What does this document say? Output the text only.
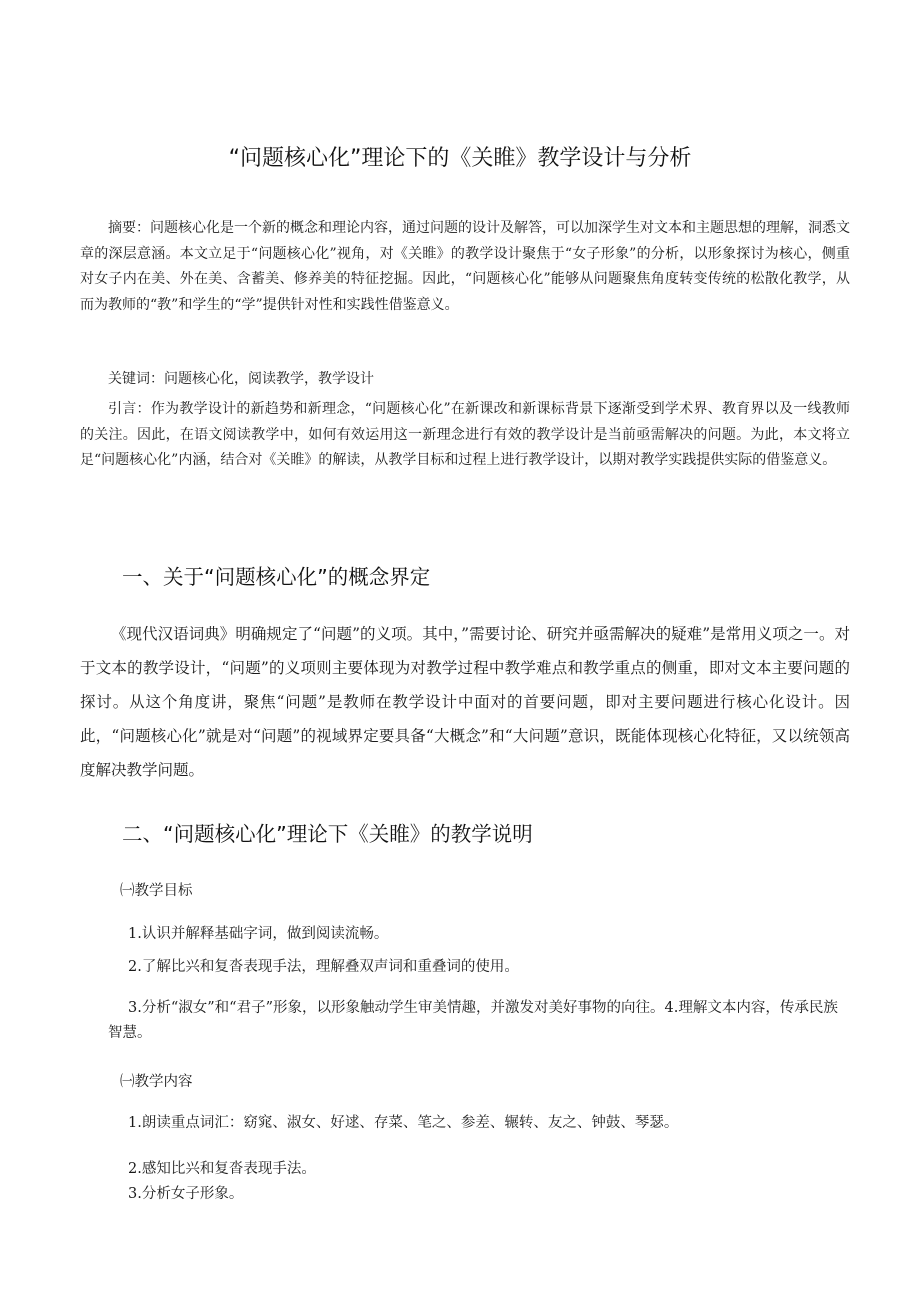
“问题核心化”理论下的《关睢》教学设计与分析
摘要：问题核心化是一个新的概念和理论内容，通过问题的设计及解答，可以加深学生对文本和主题思想的理解，洞悉文章的深层意涵。本文立足于“问题核心化”视角，对《关睢》的教学设计聚焦于“女子形象”的分析，以形象探讨为核心，侧重对女子内在美、外在美、含蓄美、修养美的特征挖掘。因此，“问题核心化”能够从问题聚焦角度转变传统的松散化教学，从而为教师的“教”和学生的“学”提供针对性和实践性借鉴意义。
关键词：问题核心化，阅读教学，教学设计
引言：作为教学设计的新趋势和新理念，“问题核心化”在新课改和新课标背景下逐渐受到学术界、教育界以及一线教师的关注。因此，在语文阅读教学中，如何有效运用这一新理念进行有效的教学设计是当前亟需解决的问题。为此，本文将立足“问题核心化”内涵，结合对《关睢》的解读，从教学目标和过程上进行教学设计，以期对教学实践提供实际的借鉴意义。
一、关于“问题核心化”的概念界定
《现代汉语词典》明确规定了“问题”的义项。其中，”需要讨论、研究并亟需解决的疑难”是常用义项之一。对于文本的教学设计，“问题”的义项则主要体现为对教学过程中教学难点和教学重点的侧重，即对文本主要问题的探讨。从这个角度讲，聚焦“问题”是教师在教学设计中面对的首要问题，即对主要问题进行核心化设计。因此，“问题核心化”就是对“问题”的视域界定要具备“大概念”和“大问题”意识，既能体现核心化特征，又以统领高度解决教学问题。
二、“问题核心化”理论下《关睢》的教学说明
㈠教学目标
1.认识并解释基础字词，做到阅读流畅。
2.了解比兴和复沓表现手法，理解叠双声词和重叠词的使用。
3.分析“淑女”和“君子”形象，以形象触动学生审美情趣，并激发对美好事物的向往。4.理解文本内容，传承民族智慧。
㈠教学内容
1.朗读重点词汇：窈窕、淑女、好逑、存菜、笔之、参差、辗转、友之、钟鼓、琴瑟。
2.感知比兴和复沓表现手法。
3.分析女子形象。
